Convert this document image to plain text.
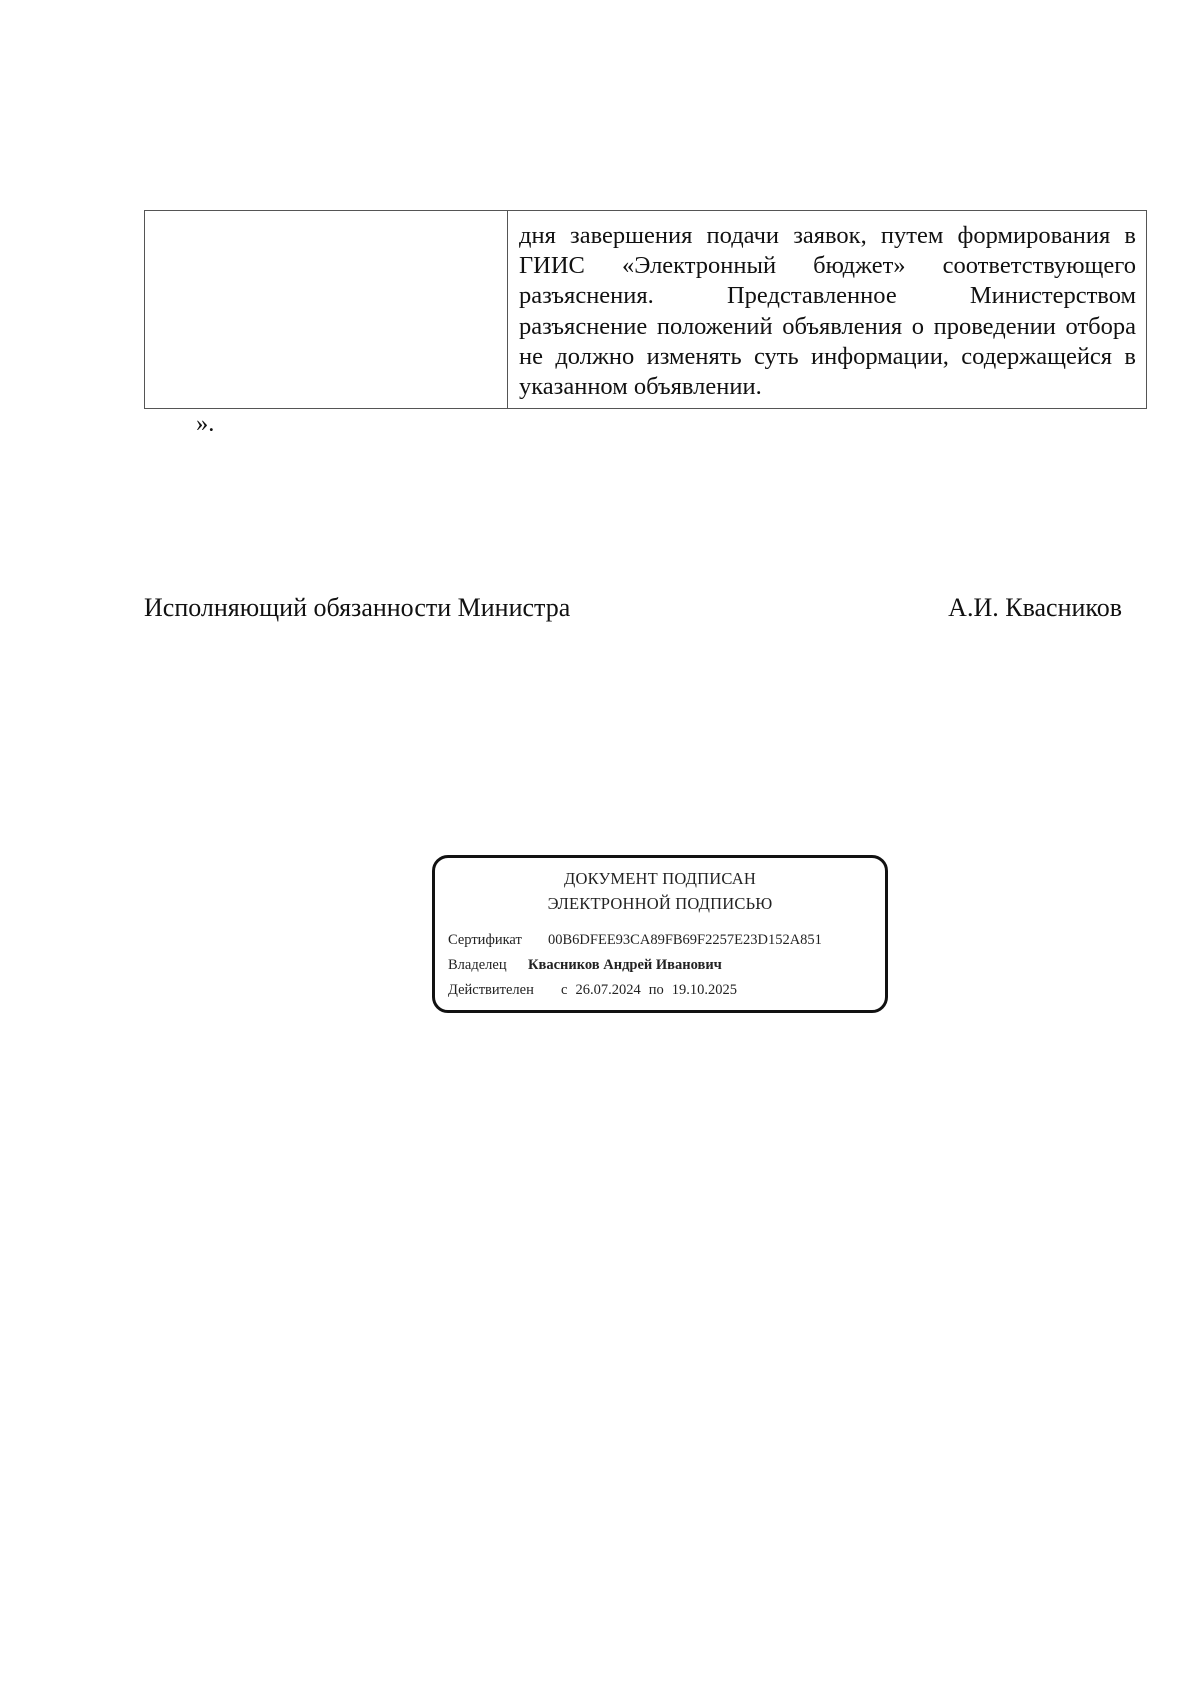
дня завершения подачи заявок, путем формирования в ГИИС «Электронный бюджет» соответствующего разъяснения. Представленное Министерством разъяснение положений объявления о проведении отбора не должно изменять суть информации, содержащейся в указанном объявлении.
».
Исполняющий обязанности Министра	А.И. Квасников
ДОКУМЕНТ ПОДПИСАН
ЭЛЕКТРОННОЙ ПОДПИСЬЮ
Сертификат	00B6DFEE93CA89FB69F2257E23D152A851
Владелец	Квасников Андрей Иванович
Действителен	с 26.07.2024 по 19.10.2025
